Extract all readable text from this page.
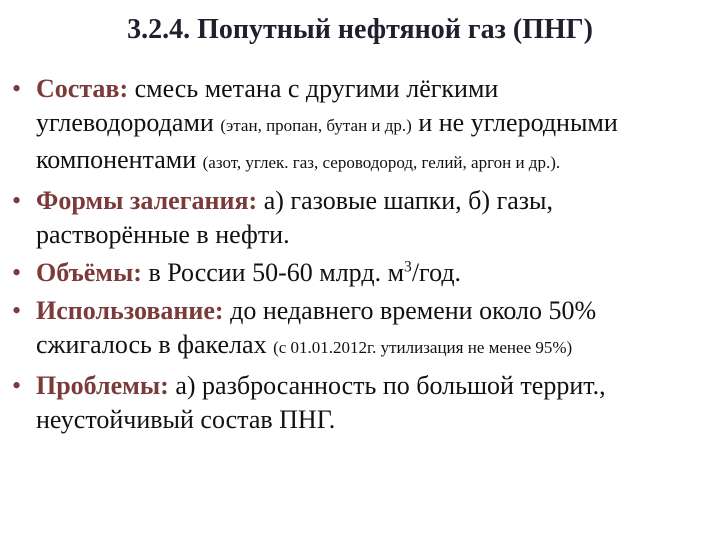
3.2.4. Попутный нефтяной газ (ПНГ)
• Состав: смесь метана с другими лёгкими
углеводородами (этан, пропан, бутан и др.) и не углеродными
компонентами (азот, углек. газ, сероводород, гелий, аргон и др.).
• Формы залегания: а) газовые шапки, б) газы,
растворённые в нефти.
• Объёмы: в России 50-60 млрд. $м^3$/год.
• Использование: до недавнего времени около 50%
сжигалось в факелах (с 01.01.2012г. утилизация не менее 95%)
• Проблемы: а) разбросанность по большой террит.,
неустойчивый состав ПНГ.
